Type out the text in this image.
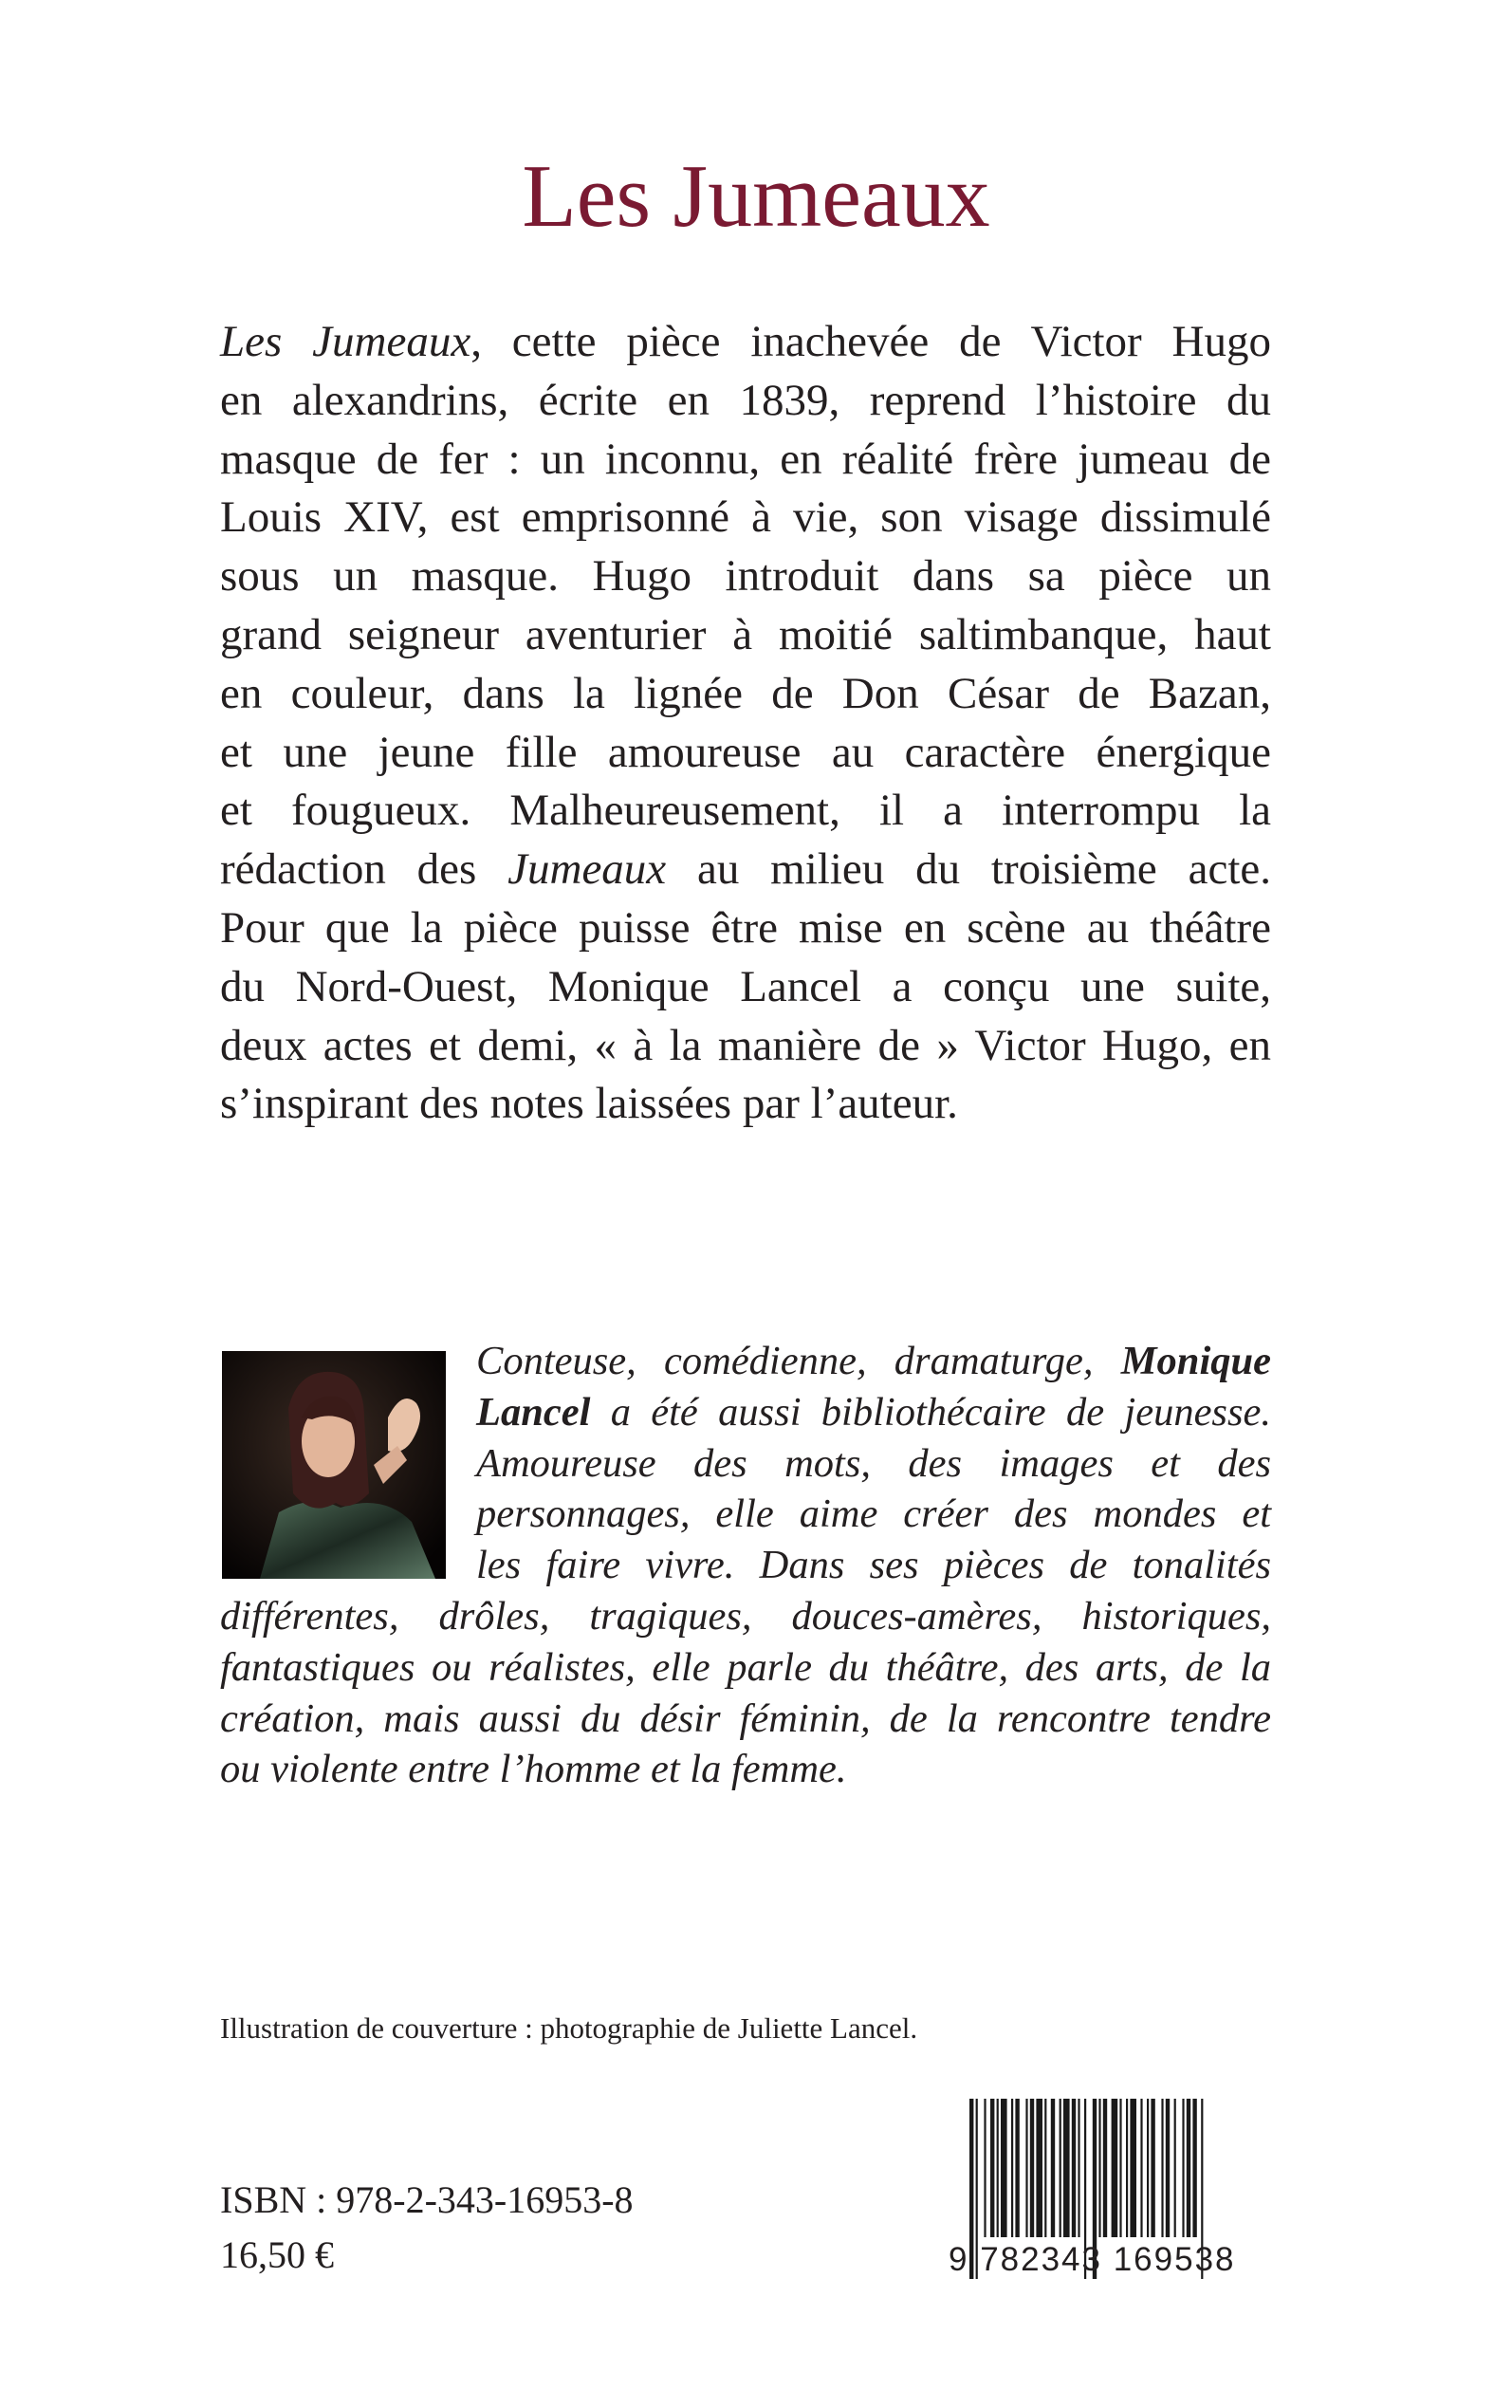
Les Jumeaux
Les Jumeaux, cette pièce inachevée de Victor Hugo
en alexandrins, écrite en 1839, reprend l’histoire du
masque de fer : un inconnu, en réalité frère jumeau de
Louis XIV, est emprisonné à vie, son visage dissimulé
sous un masque. Hugo introduit dans sa pièce un
grand seigneur aventurier à moitié saltimbanque, haut
en couleur, dans la lignée de Don César de Bazan,
et une jeune fille amoureuse au caractère énergique
et fougueux. Malheureusement, il a interrompu la
rédaction des Jumeaux au milieu du troisième acte.
Pour que la pièce puisse être mise en scène au théâtre
du Nord-Ouest, Monique Lancel a conçu une suite,
deux actes et demi, « à la manière de » Victor Hugo, en
s’inspirant des notes laissées par l’auteur.
Conteuse, comédienne, dramaturge, Monique
Lancel a été aussi bibliothécaire de jeunesse.
Amoureuse des mots, des images et des
personnages, elle aime créer des mondes et
les faire vivre. Dans ses pièces de tonalités
différentes, drôles, tragiques, douces-amères, historiques,
fantastiques ou réalistes, elle parle du théâtre, des arts, de la
création, mais aussi du désir féminin, de la rencontre tendre
ou violente entre l’homme et la femme.

Illustration de couverture : photographie de Juliette Lancel.

ISBN : 978-2-343-16953-8

16,50 €	9 782343 169538
